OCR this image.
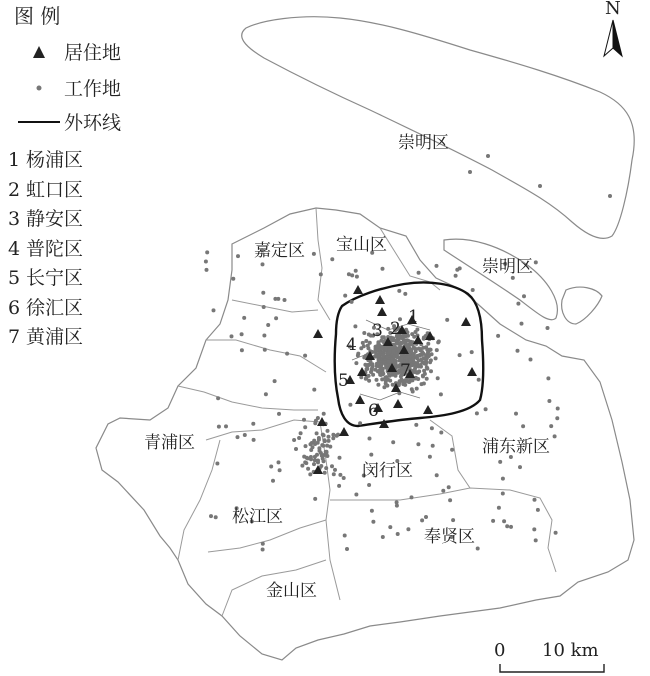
崇明区
崇明区
嘉定区 宝山区
青浦区
闵行区
浦东新区
松江区
奉贤区
金山区
1
2
3
4
5
6
7
图 例
居住地
工作地
外环线
1 杨浦区
2 虹口区
3 静安区
4 普陀区
5 长宁区
6 徐汇区
7 黄浦区
N
0 10 km
